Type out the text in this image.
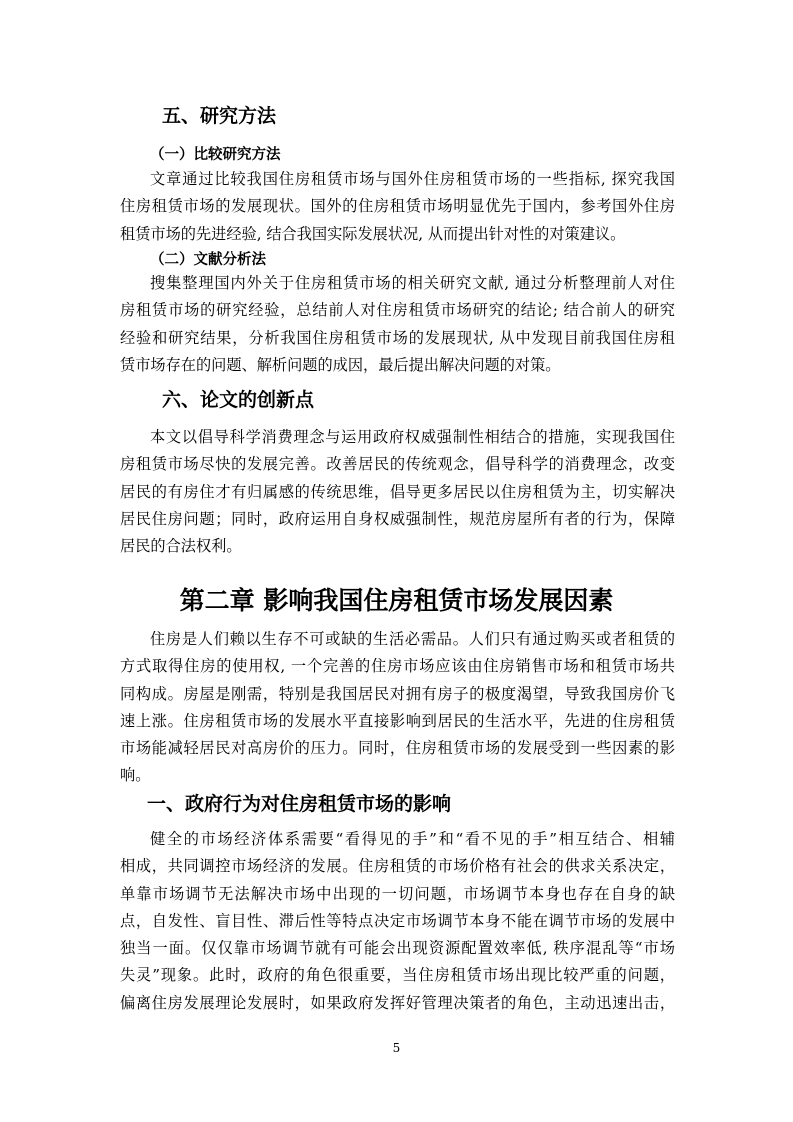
五、研究方法
（一）比较研究方法
文章通过比较我国住房租赁市场与国外住房租赁市场的一些指标, 探究我国
住房租赁市场的发展现状。国外的住房租赁市场明显优先于国内，参考国外住房
租赁市场的先进经验, 结合我国实际发展状况, 从而提出针对性的对策建议。
（二）文献分析法
搜集整理国内外关于住房租赁市场的相关研究文献, 通过分析整理前人对住
房租赁市场的研究经验，总结前人对住房租赁市场研究的结论; 结合前人的研究
经验和研究结果，分析我国住房租赁市场的发展现状, 从中发现目前我国住房租
赁市场存在的问题、解析问题的成因，最后提出解决问题的对策。
六、论文的创新点
本文以倡导科学消费理念与运用政府权威强制性相结合的措施，实现我国住
房租赁市场尽快的发展完善。改善居民的传统观念，倡导科学的消费理念，改变
居民的有房住才有归属感的传统思维，倡导更多居民以住房租赁为主，切实解决
居民住房问题；同时，政府运用自身权威强制性，规范房屋所有者的行为，保障
居民的合法权利。
第二章 影响我国住房租赁市场发展因素
住房是人们赖以生存不可或缺的生活必需品。人们只有通过购买或者租赁的
方式取得住房的使用权, 一个完善的住房市场应该由住房销售市场和租赁市场共
同构成。房屋是刚需，特别是我国居民对拥有房子的极度渴望，导致我国房价飞
速上涨。住房租赁市场的发展水平直接影响到居民的生活水平，先进的住房租赁
市场能减轻居民对高房价的压力。同时，住房租赁市场的发展受到一些因素的影
响。
一、政府行为对住房租赁市场的影响
健全的市场经济体系需要“看得见的手”和“看不见的手”相互结合、相辅
相成，共同调控市场经济的发展。住房租赁的市场价格有社会的供求关系决定，
单靠市场调节无法解决市场中出现的一切问题，市场调节本身也存在自身的缺
点，自发性、盲目性、滞后性等特点决定市场调节本身不能在调节市场的发展中
独当一面。仅仅靠市场调节就有可能会出现资源配置效率低, 秩序混乱等“市场
失灵”现象。此时，政府的角色很重要，当住房租赁市场出现比较严重的问题，
偏离住房发展理论发展时，如果政府发挥好管理决策者的角色，主动迅速出击，
5
